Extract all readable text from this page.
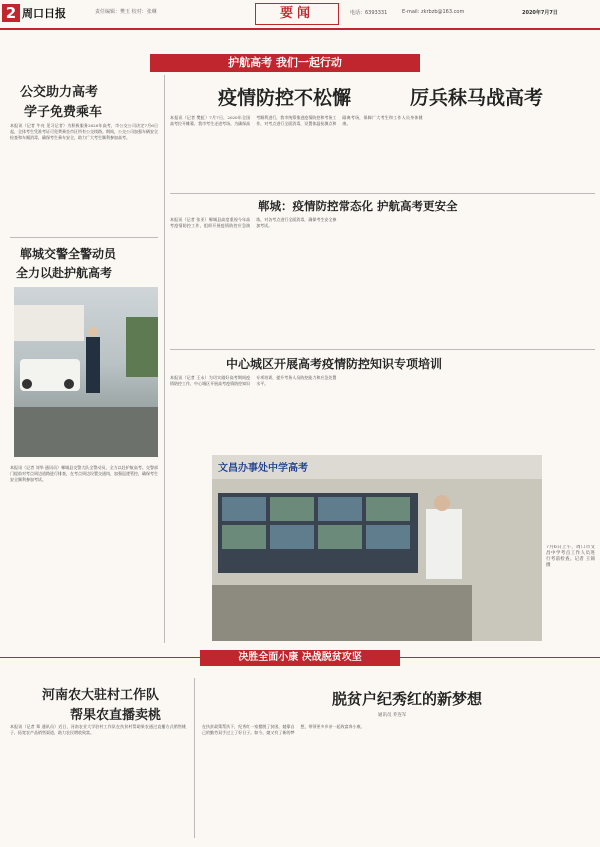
2 周口日报	责任编辑：樊玉 校对：张琳	要闻	电话：6393331	E-mail: zkrbzb@163.com	2020年7月7日
护航高考 我们一起行动
公交助力高考
学子免费乘车
本报讯（记者 牛亮 见习记者）为积极服务2020年高考，市公交公司决定7月6日起，全体考生凭准考证可免费乘坐市区所有公交线路。期间，公交公司加强车辆安全检查和车厢消毒，确保考生乘车安全，助力广大考生顺利参加高考。
郸城交警全警动员
全力以赴护航高考
本报讯（记者 刘华 通讯员）郸城县交警大队全警动员，全力以赴护航高考。交警部门提前对考点周边道路进行排查，在考点周边设置交通岗，加强巡逻管控，确保考生安全顺利参加考试。
疫情防控不松懈	厉兵秣马战高考
本报讯（记者 樊虹）7月7日，2020年全国高考拉开帷幕，我市考生走进考场。为确保高考顺利进行，我市统筹推进疫情防控和考务工作，对考点进行全面消毒，设置体温检测点和隔离考场，保障广大考生和工作人员身体健康。
郸城：疫情防控常态化 护航高考更安全
本报讯（记者 张亚）郸城县高度重视今年高考疫情防控工作，组织开展疫情防控应急演练，对各考点进行全面消毒，确保考生安全参加考试。
中心城区开展高考疫情防控知识专项培训
本报讯（记者 王永）为切实做好高考期间疫情防控工作，中心城区开展高考疫情防控知识专项培训，提升考务人员防控能力和应急处置水平。
文昌办事处中学高考
7月6日上午，周口市文昌中学考点工作人员进行考前检查。记者 王锦 摄
决胜全面小康 决战脱贫攻坚
河南农大驻村工作队
帮果农直播卖桃
本报讯（记者 郑 通讯员）近日，河南农业大学驻村工作队在扶贫村帮助果农通过直播方式销售桃子，拓宽农产品销售渠道，助力农民增收致富。
脱贫户纪秀红的新梦想
通讯员 乔连军
在扶贫政策帮扶下，纪秀红一家摆脱了贫困，她靠自己的勤劳双手过上了好日子。如今，她又有了新的梦想，带领更多乡亲一起致富奔小康。
